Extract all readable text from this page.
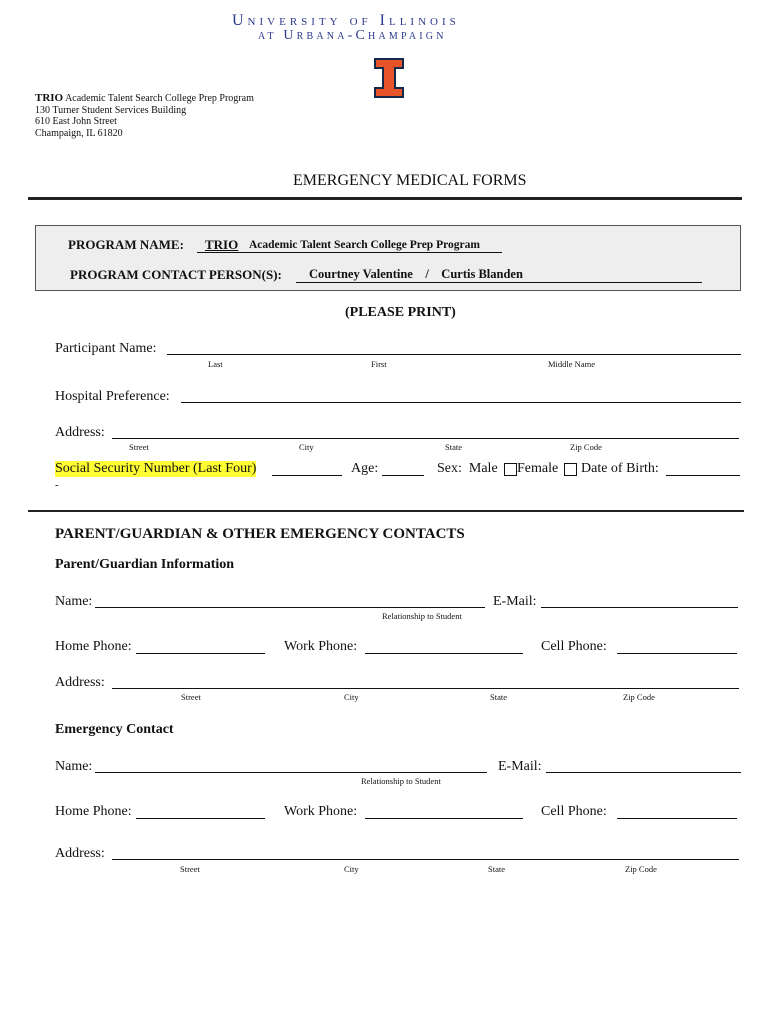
University of Illinois
at Urbana-Champaign
TRIO Academic Talent Search College Prep Program
130 Turner Student Services Building
610 East John Street
Champaign, IL 61820
EMERGENCY MEDICAL FORMS
PROGRAM NAME: TRIO Academic Talent Search College Prep Program
PROGRAM CONTACT PERSON(S): Courtney Valentine    /    Curtis Blanden
(PLEASE PRINT)
Participant Name:
Last	First	Middle Name
Hospital Preference:
Address:
Street	City	State	Zip Code
Social Security Number (Last Four)	Age:	Sex:  Male Female Date of Birth:
-
PARENT/GUARDIAN & OTHER EMERGENCY CONTACTS
Parent/Guardian Information
Name:
Relationship to Student
E-Mail:
Home Phone:	Work Phone:	Cell Phone:
Address:
Street	City	State	Zip Code
Emergency Contact
Name:
Relationship to Student
E-Mail:
Home Phone:	Work Phone:	Cell Phone:
Address:
Street	City	State	Zip Code
